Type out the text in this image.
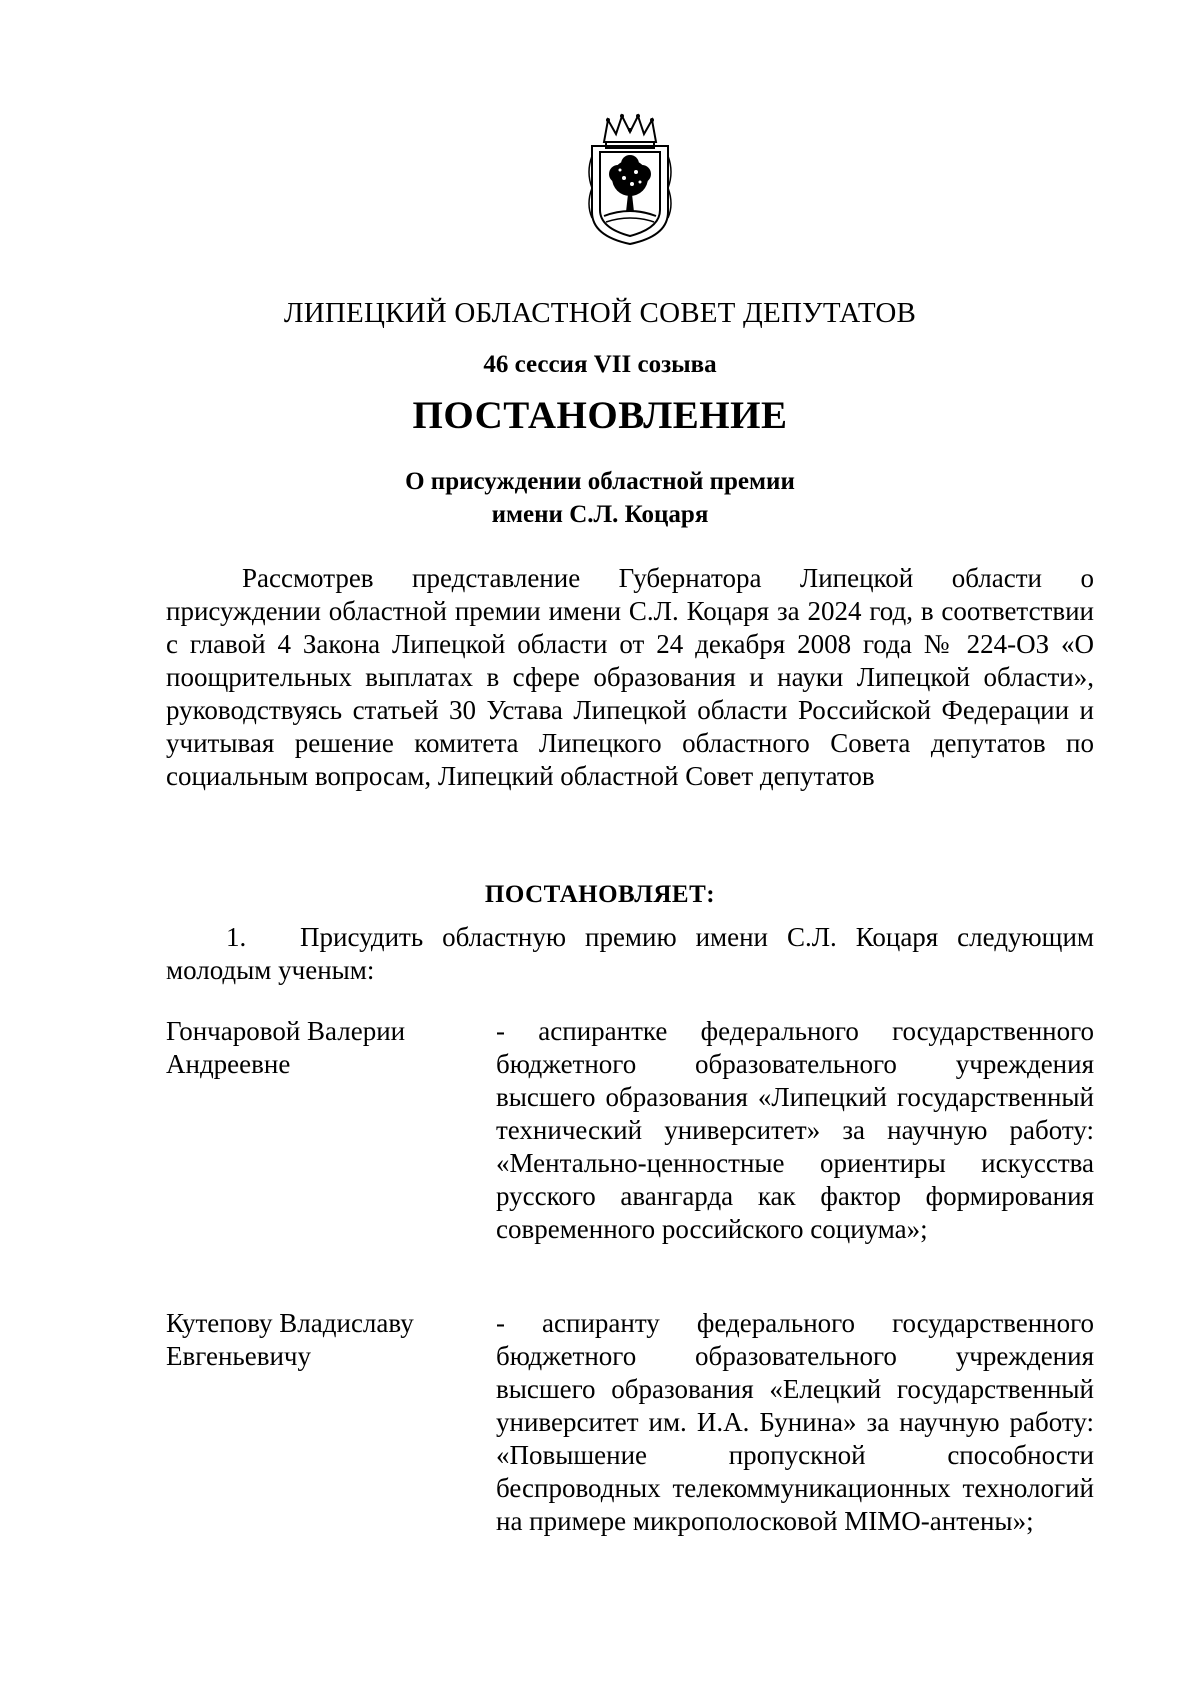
ЛИПЕЦКИЙ ОБЛАСТНОЙ СОВЕТ ДЕПУТАТОВ
46 сессия VII созыва
ПОСТАНОВЛЕНИЕ
О присуждении областной премии
имени С.Л. Коцаря
Рассмотрев представление Губернатора Липецкой области о присуждении областной премии имени С.Л. Коцаря за 2024 год, в соответствии с главой 4 Закона Липецкой области от 24 декабря 2008 года № 224-ОЗ «О поощрительных выплатах в сфере образования и науки Липецкой области», руководствуясь статьей 30 Устава Липецкой области Российской Федерации и учитывая решение комитета Липецкого областного Совета депутатов по социальным вопросам, Липецкий областной Совет депутатов
ПОСТАНОВЛЯЕТ:
1. Присудить областную премию имени С.Л. Коцаря следующим молодым ученым:
Гончаровой Валерии
Андреевне
- аспирантке федерального государственного бюджетного образовательного учреждения высшего образования «Липецкий государственный технический университет» за научную работу: «Ментально-ценностные ориентиры искусства русского авангарда как фактор формирования современного российского социума»;
Кутепову Владиславу
Евгеньевичу
- аспиранту федерального государственного бюджетного образовательного учреждения высшего образования «Елецкий государственный университет им. И.А. Бунина» за научную работу: «Повышение пропускной способности беспроводных телекоммуникационных технологий на примере микрополосковой MIMO-антены»;
